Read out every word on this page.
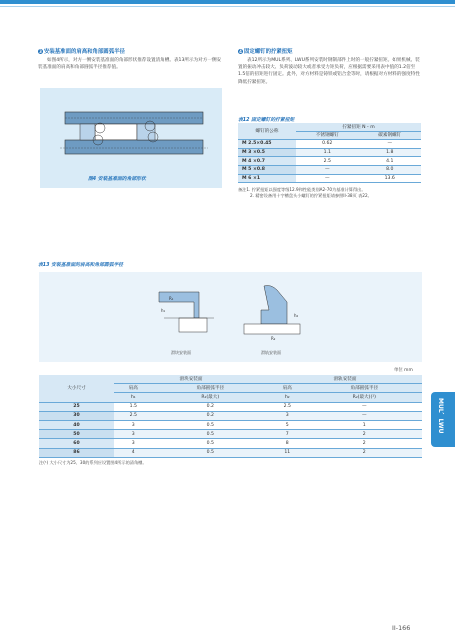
3 安装基准面的肩高和角部圆弧半径
如图4所示，对方一侧安装基准面的角部形状推荐设置清角槽。表13所示为对方一侧安装基准面的肩高和角部圆弧半径推荐值。
图4 安装基准面的角部形状
4 固定螺钉的拧紧扭矩
表12所示为MUL系列、LWU系列安装时钢制部件上时的一般拧紧扭矩。如果机械、装置的振动冲击较大、负荷波动较大或者承受力矩负荷，应根据需要采用表中值的1.2倍至1.5倍的扭矩进行固定。此外，对方材料是铸铁或铝合金等时，请根据对方材料的强度特性降低拧紧扭矩。
表12 固定螺钉的拧紧扭矩
螺钉的公称	拧紧扭矩 N・m	
	不锈钢螺钉	碳素钢螺钉
M 2.5×0.45	0.62	—
M 3 ×0.5	1.1	1.8
M 4 ×0.7	2.5	4.1
M 5 ×0.8	—	8.0
M 6 ×1	—	13.6
备注1. 拧紧扭矩以强度等级12.9和性能类别A2-70为基准计算得出。
2. 精密设备用十字槽盘头小螺钉的拧紧扭矩请参照II-38页 表22。
表13 安装基准面的肩高和角部圆弧半径
R₁
h₁
h₂
R₂
滑块安装面	滑轨安装面
单位 mm
大小尺寸	滑块安装面		滑轨安装面	
	肩高	角部圆弧半径	肩高	角部圆弧半径
	h₁	R₁(最大)	h₂	R₂(最大)(¹)
25	1.5	0.2	2.5	—
30	2.5	0.2	3	—
40	3	0.5	5	1
50	3	0.5	7	2
60	3	0.5	8	2
86	4	0.5	11	2
注(¹) 大小尺寸为25、30的系列应设置图4所示的清角槽。
MUL、LWU
II-166
